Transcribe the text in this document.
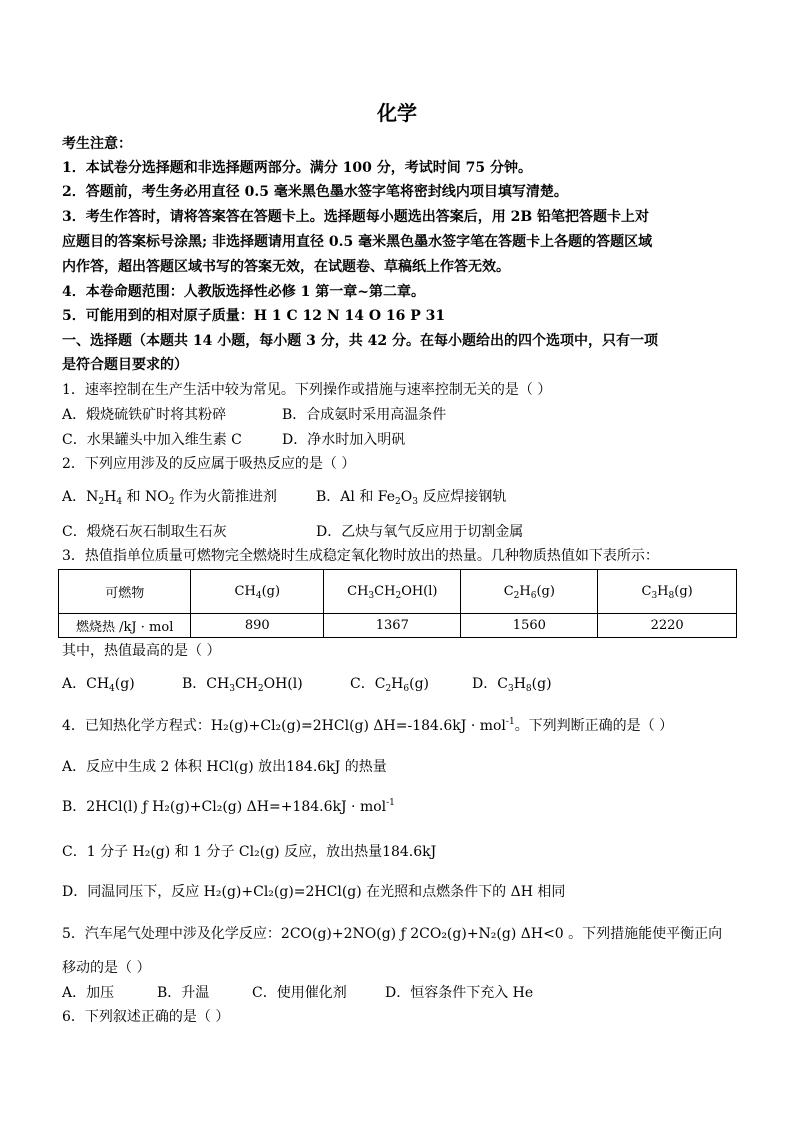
化学
考生注意：
1．本试卷分选择题和非选择题两部分。满分 100 分，考试时间 75 分钟。
2．答题前，考生务必用直径 0.5 毫米黑色墨水签字笔将密封线内项目填写清楚。
3．考生作答时，请将答案答在答题卡上。选择题每小题选出答案后，用 2B 铅笔把答题卡上对
应题目的答案标号涂黑; 非选择题请用直径 0.5 毫米黑色墨水签字笔在答题卡上各题的答题区域
内作答，超出答题区域书写的答案无效，在试题卷、草稿纸上作答无效。
4．本卷命题范围：人教版选择性必修 1 第一章~第二章。
5．可能用到的相对原子质量：H 1 C 12 N 14 O 16 P 31
一、选择题（本题共 14 小题，每小题 3 分，共 42 分。在每小题给出的四个选项中，只有一项
是符合题目要求的）
1．速率控制在生产生活中较为常见。下列操作或措施与速率控制无关的是（ ）
A．煅烧硫铁矿时将其粉碎	B．合成氨时采用高温条件
C．水果罐头中加入维生素 C	D．净水时加入明矾
2．下列应用涉及的反应属于吸热反应的是（ ）
A．$N_2H_4$ 和 $NO_2$ 作为火箭推进剂	B．Al 和 $Fe_2O_3$ 反应焊接钢轨
C．煅烧石灰石制取生石灰	D．乙炔与氧气反应用于切割金属
3．热值指单位质量可燃物完全燃烧时生成稳定氧化物时放出的热量。几种物质热值如下表所示：
可燃物	$CH_4(g)$	$CH_3CH_2OH(l)$	$C_2H_6(g)$	$C_3H_8(g)$
燃烧热 /kJ · mol	890	1367	1560	2220
其中，热值最高的是（ ）
A．$CH_4(g)$	B．$CH_3CH_2OH(l)$	C．$C_2H_6(g)$	D．$C_3H_8(g)$
4．已知热化学方程式：H₂(g)+Cl₂(g)=2HCl(g) ΔH=-184.6kJ · mol$^{-1}$。下列判断正确的是（ ）
A．反应中生成 2 体积 HCl(g) 放出184.6kJ 的热量
B．2HCl(l) ƒ H₂(g)+Cl₂(g) ΔH=+184.6kJ · mol$^{-1}$
C．1 分子 H₂(g) 和 1 分子 Cl₂(g) 反应，放出热量184.6kJ
D．同温同压下，反应 H₂(g)+Cl₂(g)=2HCl(g) 在光照和点燃条件下的 ΔH 相同
5．汽车尾气处理中涉及化学反应：2CO(g)+2NO(g) ƒ 2CO₂(g)+N₂(g) ΔH<0 。下列措施能使平衡正向
移动的是（ ）
A．加压	B．升温	C．使用催化剂	D．恒容条件下充入 He
6．下列叙述正确的是（ ）
